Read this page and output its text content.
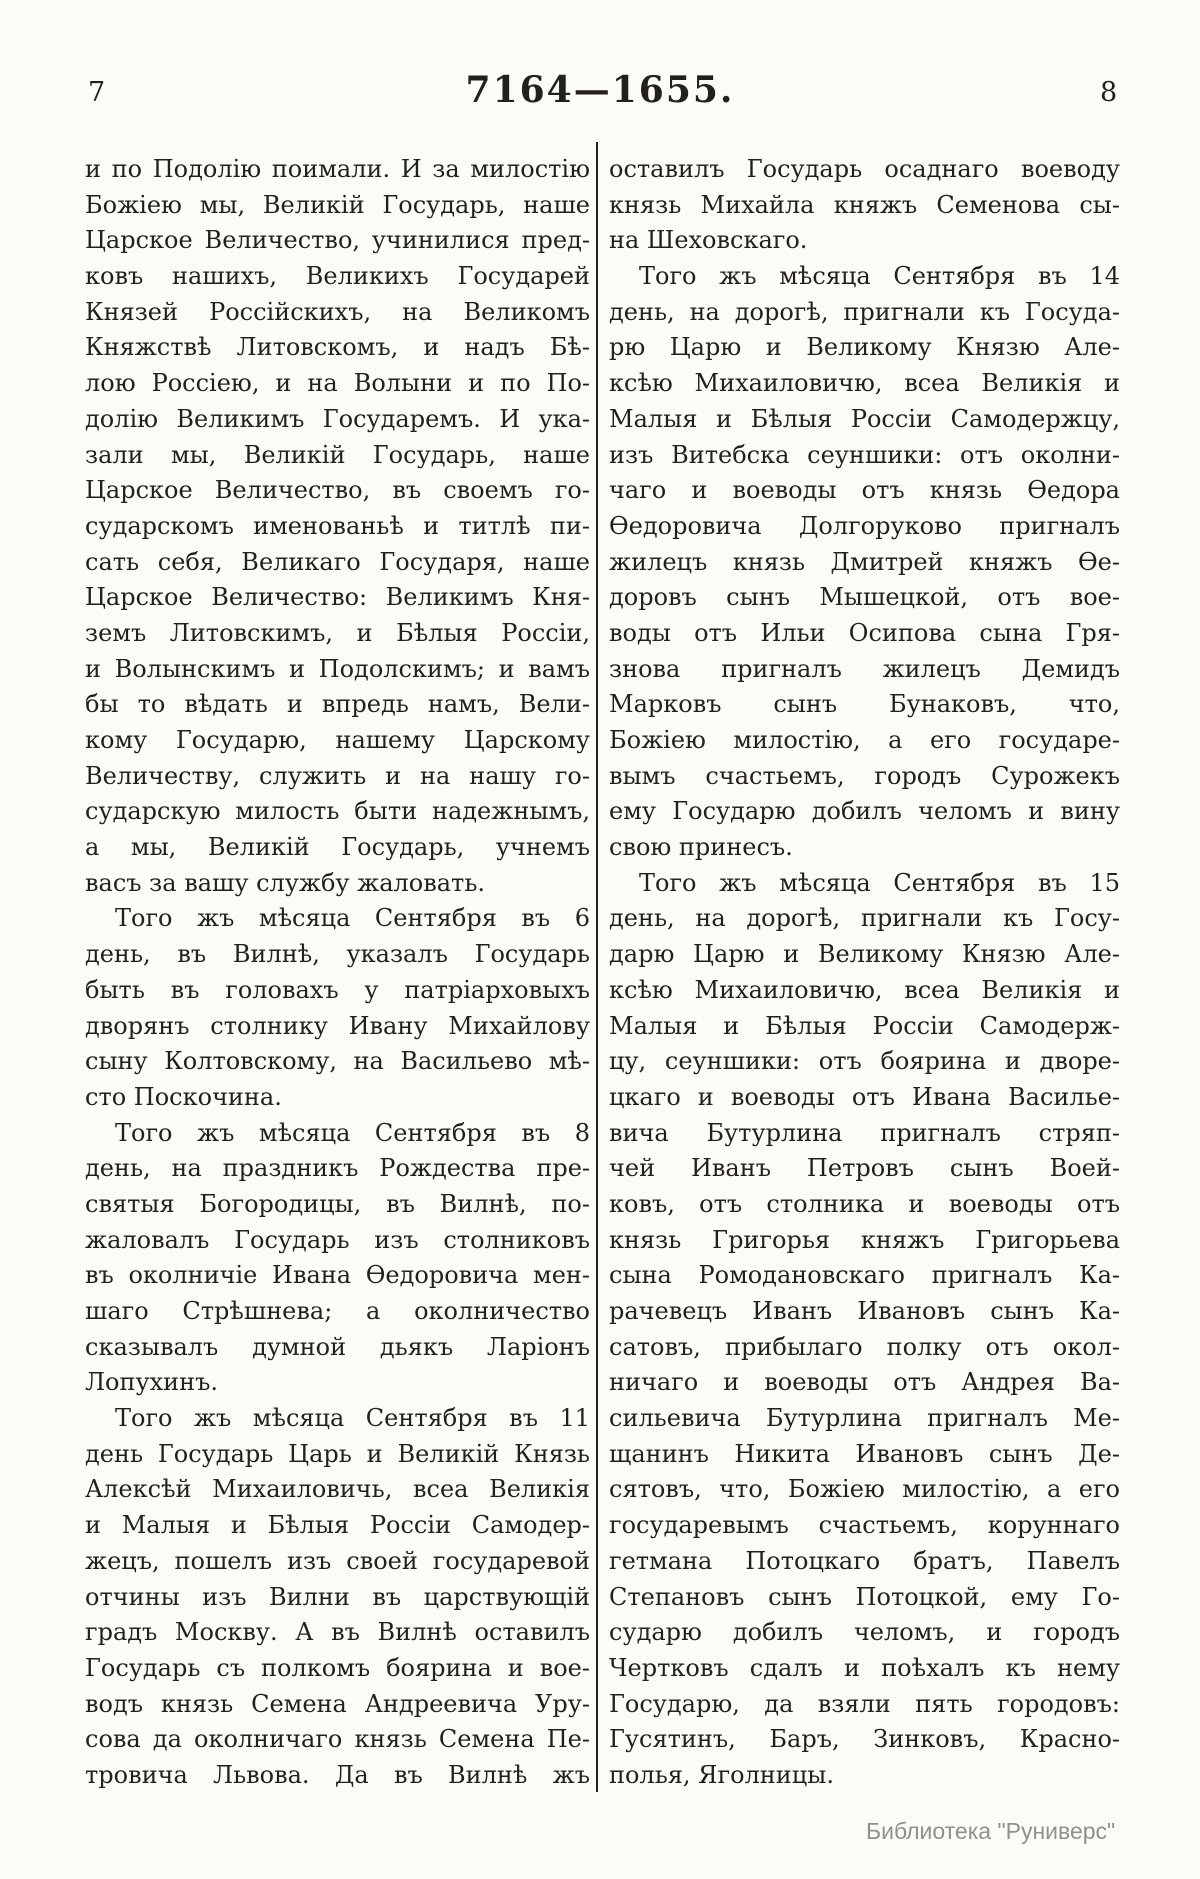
7	7164—1655.	8
и по Подолію поимали. И за милостію
Божіею мы, Великій Государь, наше
Царское Величество, учинилися пред-
ковъ нашихъ, Великихъ Государей
Князей Россійскихъ, на Великомъ
Княжствѣ Литовскомъ, и надъ Бѣ-
лою Россіею, и на Волыни и по По-
долію Великимъ Государемъ. И ука-
зали мы, Великій Государь, наше
Царское Величество, въ своемъ го-
сударскомъ именованьѣ и титлѣ пи-
сать себя, Великаго Государя, наше
Царское Величество: Великимъ Кня-
земъ Литовскимъ, и Бѣлыя Россіи,
и Волынскимъ и Подолскимъ; и вамъ
бы то вѣдать и впредь намъ, Вели-
кому Государю, нашему Царскому
Величеству, служить и на нашу го-
сударскую милость быти надежнымъ,
а мы, Великій Государь, учнемъ
васъ за вашу службу жаловать.
Того жъ мѣсяца Сентября въ 6
день, въ Вилнѣ, указалъ Государь
быть въ головахъ у патріарховыхъ
дворянъ столнику Ивану Михайлову
сыну Колтовскому, на Васильево мѣ-
сто Поскочина.
Того жъ мѣсяца Сентября въ 8
день, на праздникъ Рождества пре-
святыя Богородицы, въ Вилнѣ, по-
жаловалъ Государь изъ столниковъ
въ околничіе Ивана Ѳедоровича мен-
шаго Стрѣшнева; а околничество
сказывалъ думной дьякъ Ларіонъ
Лопухинъ.
Того жъ мѣсяца Сентября въ 11
день Государь Царь и Великій Князь
Алексѣй Михаиловичь, всеа Великія
и Малыя и Бѣлыя Россіи Самодер-
жецъ, пошелъ изъ своей государевой
отчины изъ Вилни въ царствующій
градъ Москву. А въ Вилнѣ оставилъ
Государь съ полкомъ боярина и вое-
водъ князь Семена Андреевича Уру-
сова да околничаго князь Семена Пе-
тровича Львова. Да въ Вилнѣ жъ
оставилъ Государь осаднаго воеводу
князь Михайла княжъ Семенова сы-
на Шеховскаго.
Того жъ мѣсяца Сентября въ 14
день, на дорогѣ, пригнали къ Госуда-
рю Царю и Великому Князю Але-
ксѣю Михаиловичю, всеа Великія и
Малыя и Бѣлыя Россіи Самодержцу,
изъ Витебска сеуншики: отъ околни-
чаго и воеводы отъ князь Ѳедора
Ѳедоровича Долгоруково пригналъ
жилецъ князь Дмитрей княжъ Ѳе-
доровъ сынъ Мышецкой, отъ вое-
воды отъ Ильи Осипова сына Гря-
знова пригналъ жилецъ Демидъ
Марковъ сынъ Бунаковъ, что,
Божіею милостію, а его государе-
вымъ счастьемъ, городъ Сурожекъ
ему Государю добилъ челомъ и вину
свою принесъ.
Того жъ мѣсяца Сентября въ 15
день, на дорогѣ, пригнали къ Госу-
дарю Царю и Великому Князю Але-
ксѣю Михаиловичю, всеа Великія и
Малыя и Бѣлыя Россіи Самодерж-
цу, сеуншики: отъ боярина и дворе-
цкаго и воеводы отъ Ивана Василье-
вича Бутурлина пригналъ стряп-
чей Иванъ Петровъ сынъ Воей-
ковъ, отъ столника и воеводы отъ
князь Григорья княжъ Григорьева
сына Ромодановскаго пригналъ Ка-
рачевецъ Иванъ Ивановъ сынъ Ка-
сатовъ, прибылаго полку отъ окол-
ничаго и воеводы отъ Андрея Ва-
сильевича Бутурлина пригналъ Ме-
щанинъ Никита Ивановъ сынъ Де-
сятовъ, что, Божіею милостію, а его
государевымъ счастьемъ, коруннаго
гетмана Потоцкаго братъ, Павелъ
Степановъ сынъ Потоцкой, ему Го-
сударю добилъ челомъ, и городъ
Чертковъ сдалъ и поѣхалъ къ нему
Государю, да взяли пять городовъ:
Гусятинъ, Баръ, Зинковъ, Красно-
полья, Яголницы.
Библиотека "Руниверс"
